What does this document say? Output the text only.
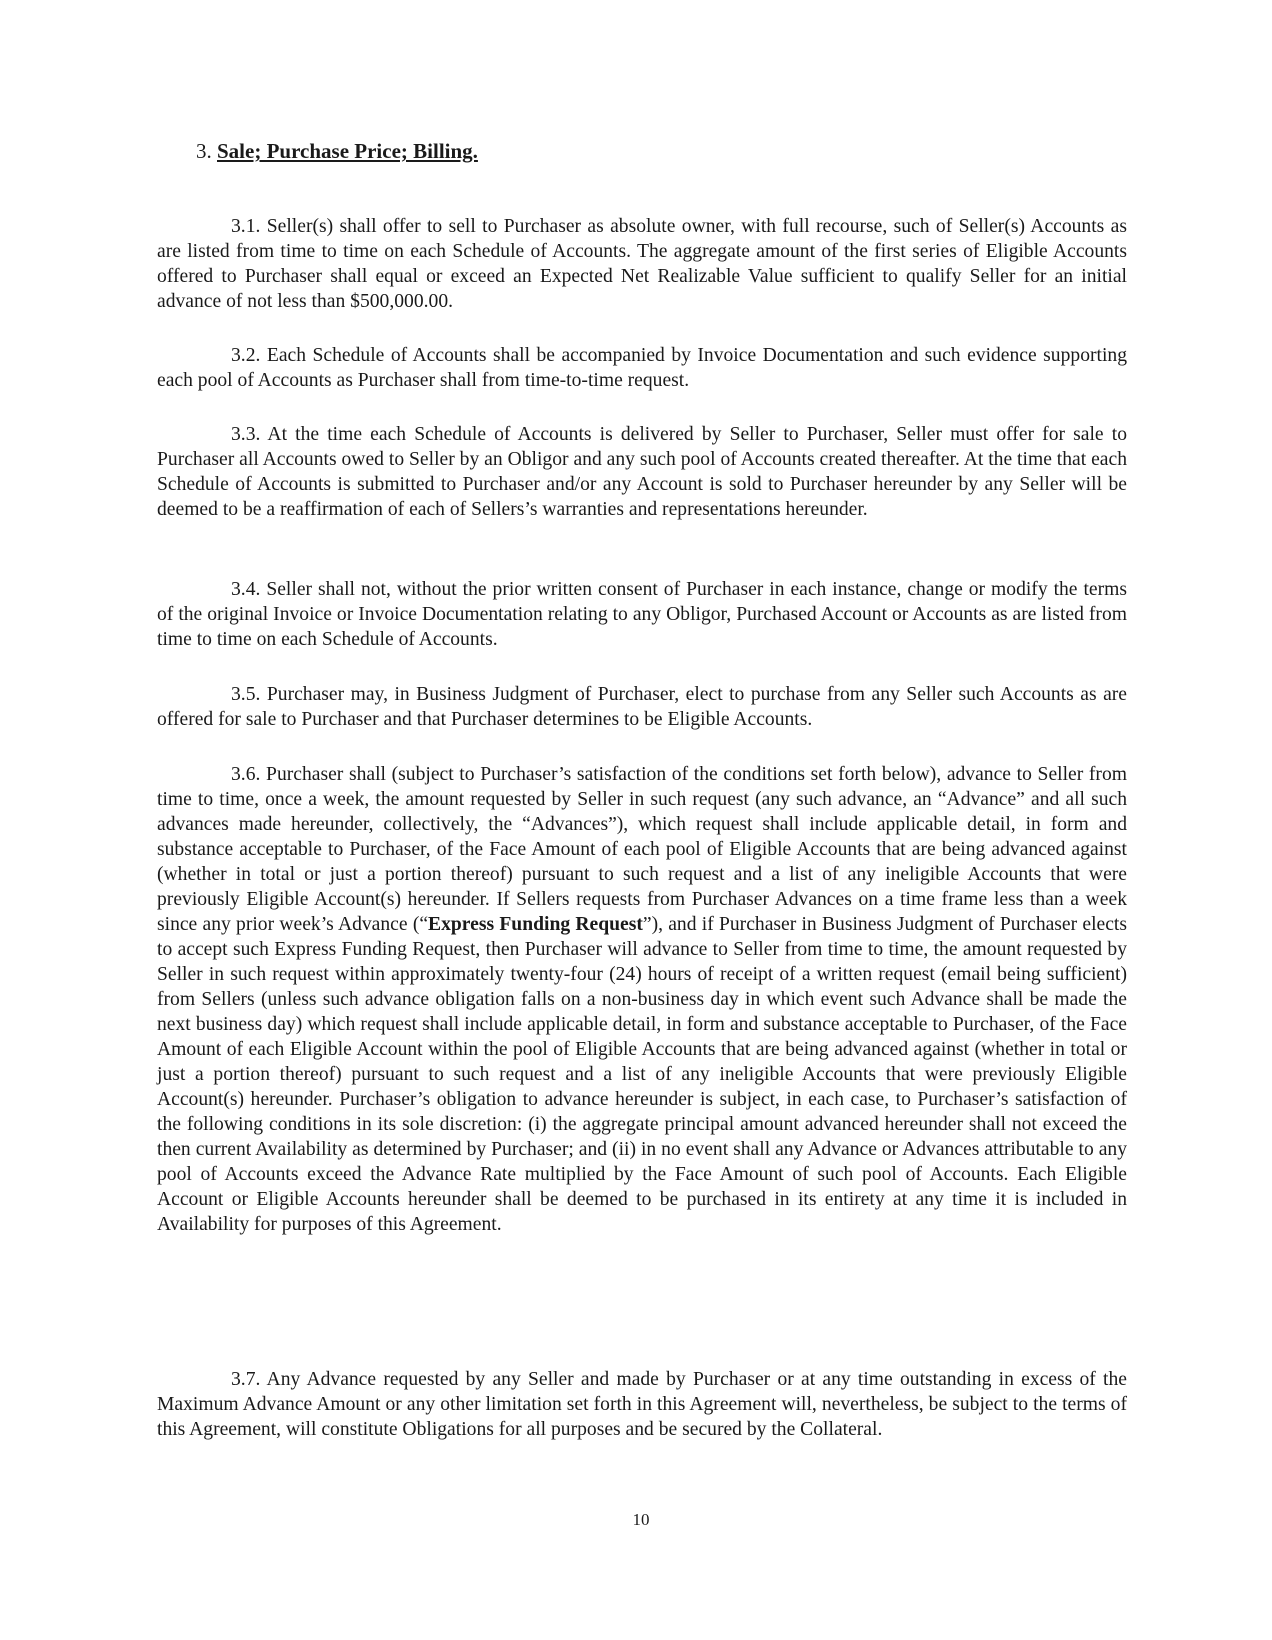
3. Sale; Purchase Price; Billing.

3.1. Seller(s) shall offer to sell to Purchaser as absolute owner, with full recourse, such of Seller(s) Accounts as are listed from time to time on each Schedule of Accounts. The aggregate amount of the first series of Eligible Accounts offered to Purchaser shall equal or exceed an Expected Net Realizable Value sufficient to qualify Seller for an initial advance of not less than $500,000.00.

3.2. Each Schedule of Accounts shall be accompanied by Invoice Documentation and such evidence supporting each pool of Accounts as Purchaser shall from time-to-time request.

3.3. At the time each Schedule of Accounts is delivered by Seller to Purchaser, Seller must offer for sale to Purchaser all Accounts owed to Seller by an Obligor and any such pool of Accounts created thereafter. At the time that each Schedule of Accounts is submitted to Purchaser and/or any Account is sold to Purchaser hereunder by any Seller will be deemed to be a reaffirmation of each of Sellers’s warranties and representations hereunder.

3.4. Seller shall not, without the prior written consent of Purchaser in each instance, change or modify the terms of the original Invoice or Invoice Documentation relating to any Obligor, Purchased Account or Accounts as are listed from time to time on each Schedule of Accounts.

3.5. Purchaser may, in Business Judgment of Purchaser, elect to purchase from any Seller such Accounts as are offered for sale to Purchaser and that Purchaser determines to be Eligible Accounts.

3.6. Purchaser shall (subject to Purchaser’s satisfaction of the conditions set forth below), advance to Seller from time to time, once a week, the amount requested by Seller in such request (any such advance, an “Advance” and all such advances made hereunder, collectively, the “Advances”), which request shall include applicable detail, in form and substance acceptable to Purchaser, of the Face Amount of each pool of Eligible Accounts that are being advanced against (whether in total or just a portion thereof) pursuant to such request and a list of any ineligible Accounts that were previously Eligible Account(s) hereunder. If Sellers requests from Purchaser Advances on a time frame less than a week since any prior week’s Advance (“Express Funding Request”), and if Purchaser in Business Judgment of Purchaser elects to accept such Express Funding Request, then Purchaser will advance to Seller from time to time, the amount requested by Seller in such request within approximately twenty-four (24) hours of receipt of a written request (email being sufficient) from Sellers (unless such advance obligation falls on a non-business day in which event such Advance shall be made the next business day) which request shall include applicable detail, in form and substance acceptable to Purchaser, of the Face Amount of each Eligible Account within the pool of Eligible Accounts that are being advanced against (whether in total or just a portion thereof) pursuant to such request and a list of any ineligible Accounts that were previously Eligible Account(s) hereunder. Purchaser’s obligation to advance hereunder is subject, in each case, to Purchaser’s satisfaction of the following conditions in its sole discretion: (i) the aggregate principal amount advanced hereunder shall not exceed the then current Availability as determined by Purchaser; and (ii) in no event shall any Advance or Advances attributable to any pool of Accounts exceed the Advance Rate multiplied by the Face Amount of such pool of Accounts. Each Eligible Account or Eligible Accounts hereunder shall be deemed to be purchased in its entirety at any time it is included in Availability for purposes of this Agreement.

3.7. Any Advance requested by any Seller and made by Purchaser or at any time outstanding in excess of the Maximum Advance Amount or any other limitation set forth in this Agreement will, nevertheless, be subject to the terms of this Agreement, will constitute Obligations for all purposes and be secured by the Collateral.

10
